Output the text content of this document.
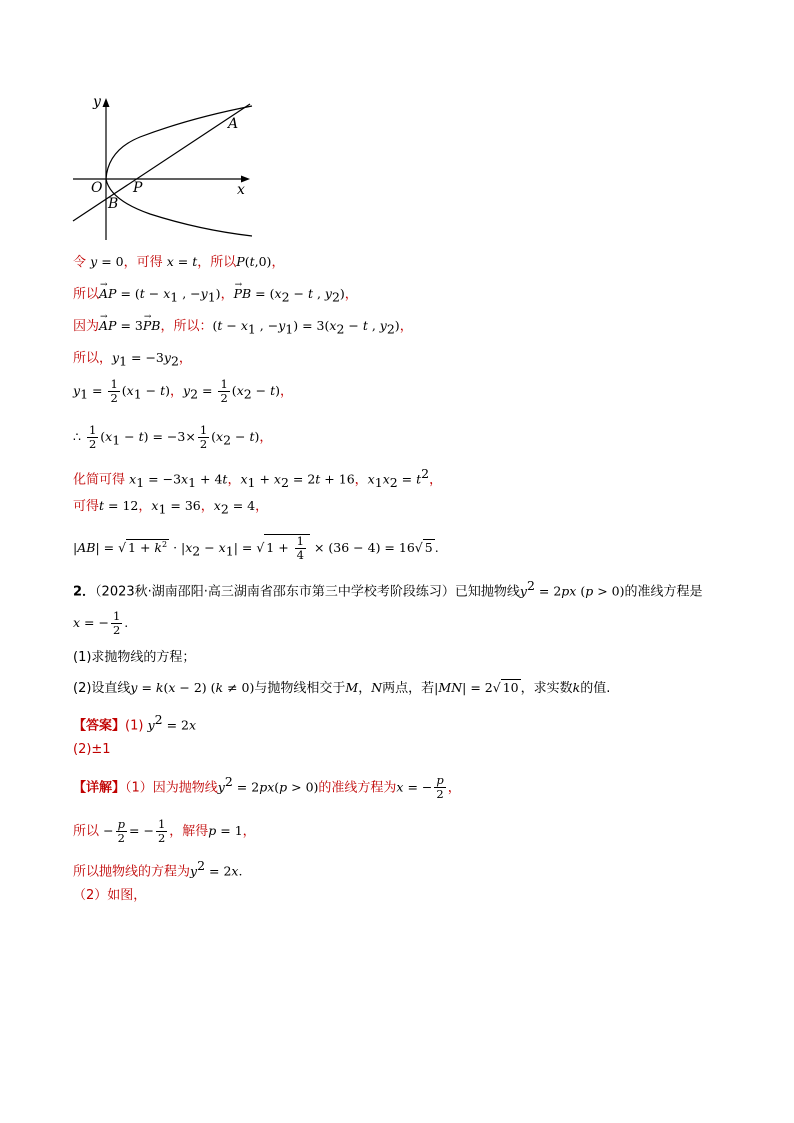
y
x
O P
A
B
令 y = 0，可得 x = t，所以P(t,0)，
所以→ AP = ($t - x_1$ , $-y_1$)，→ PB = ($x_2 - t$ , $y_2$)，
因为→ AP = 3→ PB，所以：($t - x_1$ , $-y_1) = 3(x_2 - t$ , $y_2$)，
所以，$y_1 = -3y_2$，
$y_1 = \frac{1}{2} (x_1 - t)$，$y_2 = \frac{1}{2} (x_2 - t)$，
∴ $\frac{1}{2} (x_1 - t) = -3\times \frac{1}{2} (x_2 - t)$，
化简可得 $x_1 = -3x_1 + 4t$，$x_1 + x_2 = 2t + 16$，$x_1x_2 = t^2$，
可得t = 12，$x_1 = 36$，$x_2 = 4$，
|AB| = √ $1 + k^2 \cdot |x_2 - x_1|$ = √ $1 + \frac{1}{4} \times (36 - 4) = 16√$ 5 .
2．（2023秋·湖南邵阳·高三湖南省邵东市第三中学校考阶段练习）已知抛物线$y^2 = 2px$ (p > 0)的准线方程是
x = − $\frac{1}{2}$ .
(1)求抛物线的方程；
(2)设直线y = k(x − 2) (k ≠ 0)与抛物线相交于M，N两点，若|MN| = 2√ 10 ，求实数k的值.
【答案】(1) $y^2 = 2x$
(2)±1
【详解】（1）因为抛物线$y^2 = 2px(p > 0)$的准线方程为x = − $\frac{p}{2}$ ，
所以 − $\frac{p}{2}$ = − $\frac{1}{2}$ ，解得p = 1，
所以抛物线的方程为$y^2 = 2x$.
（2）如图，
